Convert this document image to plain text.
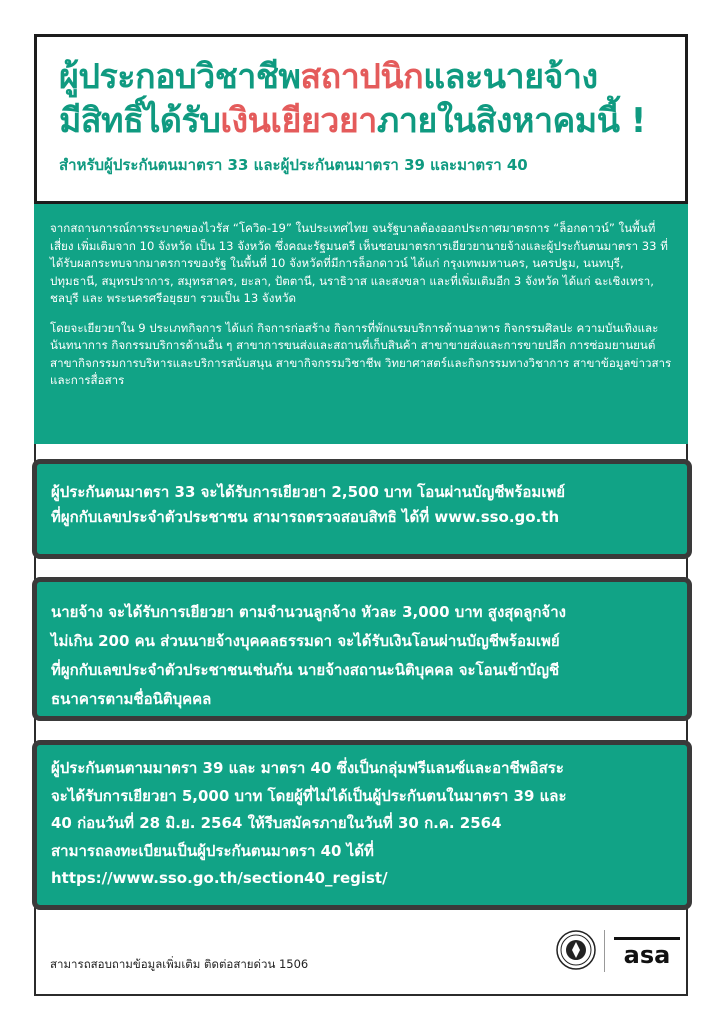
ผู้ประกอบวิชาชีพสถาปนิกและนายจ้าง
มีสิทธิ์ได้รับเงินเยียวยาภายในสิงหาคมนี้ !
สำหรับผู้ประกันตนมาตรา 33 และผู้ประกันตนมาตรา 39 และมาตรา 40

จากสถานการณ์การระบาดของไวรัส “โควิด-19” ในประเทศไทย จนรัฐบาลต้องออกประกาศมาตรการ “ล็อกดาวน์” ในพื้นที่เสี่ยง เพิ่มเติมจาก 10 จังหวัด เป็น 13 จังหวัด ซึ่งคณะรัฐมนตรี เห็นชอบมาตรการเยียวยานายจ้างและผู้ประกันตนมาตรา 33 ที่ได้รับผลกระทบจากมาตรการของรัฐ ในพื้นที่ 10 จังหวัดที่มีการล็อกดาวน์ ได้แก่ กรุงเทพมหานคร, นครปฐม, นนทบุรี, ปทุมธานี, สมุทรปราการ, สมุทรสาคร, ยะลา, ปัตตานี, นราธิวาส และสงขลา และที่เพิ่มเติมอีก 3 จังหวัด ได้แก่ ฉะเชิงเทรา, ชลบุรี และ พระนครศรีอยุธยา รวมเป็น 13 จังหวัด

โดยจะเยียวยาใน 9 ประเภทกิจการ ได้แก่ กิจการก่อสร้าง กิจการที่พักแรมบริการด้านอาหาร กิจกรรมศิลปะ ความบันเทิงและนันทนาการ กิจกรรมบริการด้านอื่น ๆ สาขาการขนส่งและสถานที่เก็บสินค้า สาขาขายส่งและการขายปลีก การซ่อมยานยนต์ สาขากิจกรรมการบริหารและบริการสนับสนุน สาขากิจกรรมวิชาชีพ วิทยาศาสตร์และกิจกรรมทางวิชาการ สาขาข้อมูลข่าวสารและการสื่อสาร

ผู้ประกันตนมาตรา 33 จะได้รับการเยียวยา 2,500 บาท โอนผ่านบัญชีพร้อมเพย์
ที่ผูกกับเลขประจำตัวประชาชน สามารถตรวจสอบสิทธิ ได้ที่ www.sso.go.th
นายจ้าง จะได้รับการเยียวยา ตามจำนวนลูกจ้าง หัวละ 3,000 บาท สูงสุดลูกจ้าง
ไม่เกิน 200 คน ส่วนนายจ้างบุคคลธรรมดา จะได้รับเงินโอนผ่านบัญชีพร้อมเพย์
ที่ผูกกับเลขประจำตัวประชาชนเช่นกัน นายจ้างสถานะนิติบุคคล จะโอนเข้าบัญชี
ธนาคารตามชื่อนิติบุคคล
ผู้ประกันตนตามมาตรา 39 และ มาตรา 40 ซึ่งเป็นกลุ่มฟรีแลนซ์และอาชีพอิสระ
จะได้รับการเยียวยา 5,000 บาท โดยผู้ที่ไม่ได้เป็นผู้ประกันตนในมาตรา 39 และ
40 ก่อนวันที่ 28 มิ.ย. 2564 ให้รีบสมัครภายในวันที่ 30 ก.ค. 2564
สามารถลงทะเบียนเป็นผู้ประกันตนมาตรา 40 ได้ที่
https://www.sso.go.th/section40_regist/
สามารถสอบถามข้อมูลเพิ่มเติม ติดต่อสายด่วน 1506	asa
